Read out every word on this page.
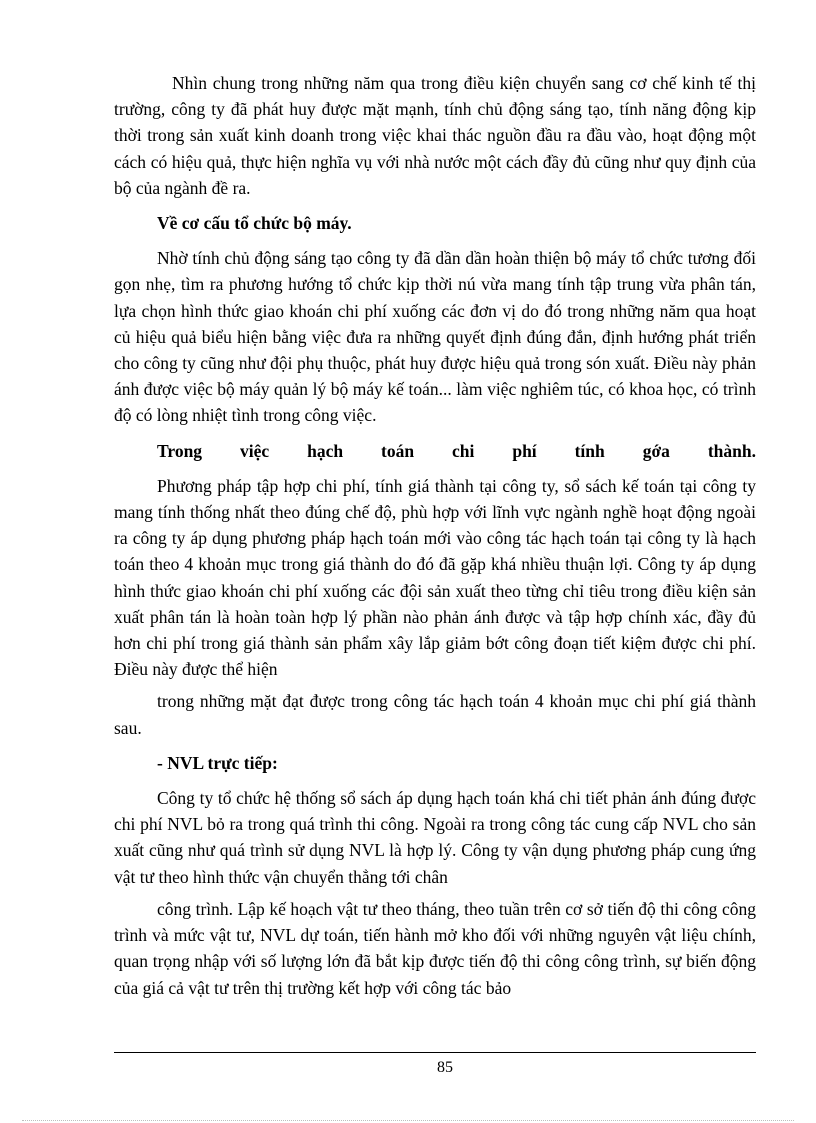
Nhìn chung trong những năm qua trong điều kiện chuyển sang cơ chế kinh tế thị trường, công ty đã phát huy được mặt mạnh, tính chủ động sáng tạo, tính năng động kịp thời trong sản xuất kinh doanh trong việc khai thác nguồn đầu ra đầu vào, hoạt động một cách có hiệu quả, thực hiện nghĩa vụ với nhà nước một cách đầy đủ cũng như quy định của bộ của ngành đề ra.

Về cơ cấu tổ chức bộ máy.

Nhờ tính chủ động sáng tạo công ty đã dần dần hoàn thiện bộ máy tổ chức tương đối gọn nhẹ, tìm ra phương hướng tổ chức kịp thời nú vừa mang tính tập trung vừa phân tán, lựa chọn hình thức giao khoán chi phí xuống các đơn vị do đó trong những năm qua hoạt củ hiệu quả biểu hiện bằng việc đưa ra những quyết định đúng đắn, định hướng phát triển cho công ty cũng như đội phụ thuộc, phát huy được hiệu quả trong són xuất. Điều này phản ánh được việc bộ máy quản lý bộ máy kế toán... làm việc nghiêm túc, có khoa học, có trình độ có lòng nhiệt tình trong công việc.

Trong việc hạch toán chi phí tính gớa thành.

Phương pháp tập hợp chi phí, tính giá thành tại công ty, sổ sách kế toán tại công ty mang tính thống nhất theo đúng chế độ, phù hợp với lĩnh vực ngành nghề hoạt động ngoài ra công ty áp dụng phương pháp hạch toán mới vào công tác hạch toán tại công ty là hạch toán theo 4 khoản mục trong giá thành do đó đã gặp khá nhiều thuận lợi. Công ty áp dụng hình thức giao khoán chi phí xuống các đội sản xuất theo từng chỉ tiêu trong điều kiện sản xuất phân tán là hoàn toàn hợp lý phần nào phản ánh được và tập hợp chính xác, đầy đủ hơn chi phí trong giá thành sản phẩm xây lắp giảm bớt công đoạn tiết kiệm được chi phí. Điều này được thể hiện

trong những mặt đạt được trong công tác hạch toán 4 khoản mục chi phí giá thành sau.

- NVL trực tiếp:

Công ty tổ chức hệ thống sổ sách áp dụng hạch toán khá chi tiết phản ánh đúng được chi phí NVL bỏ ra trong quá trình thi công. Ngoài ra trong công tác cung cấp NVL cho sản xuất cũng như quá trình sử dụng NVL là hợp lý. Công ty vận dụng phương pháp cung ứng vật tư theo hình thức vận chuyển thẳng tới chân

công trình. Lập kế hoạch vật tư theo tháng, theo tuần trên cơ sở tiến độ thi công công trình và mức vật tư, NVL dự toán, tiến hành mở kho đối với những nguyên vật liệu chính, quan trọng nhập với số lượng lớn đã bắt kịp được tiến độ thi công công trình, sự biến động của giá cả vật tư trên thị trường kết hợp với công tác bảo

85
